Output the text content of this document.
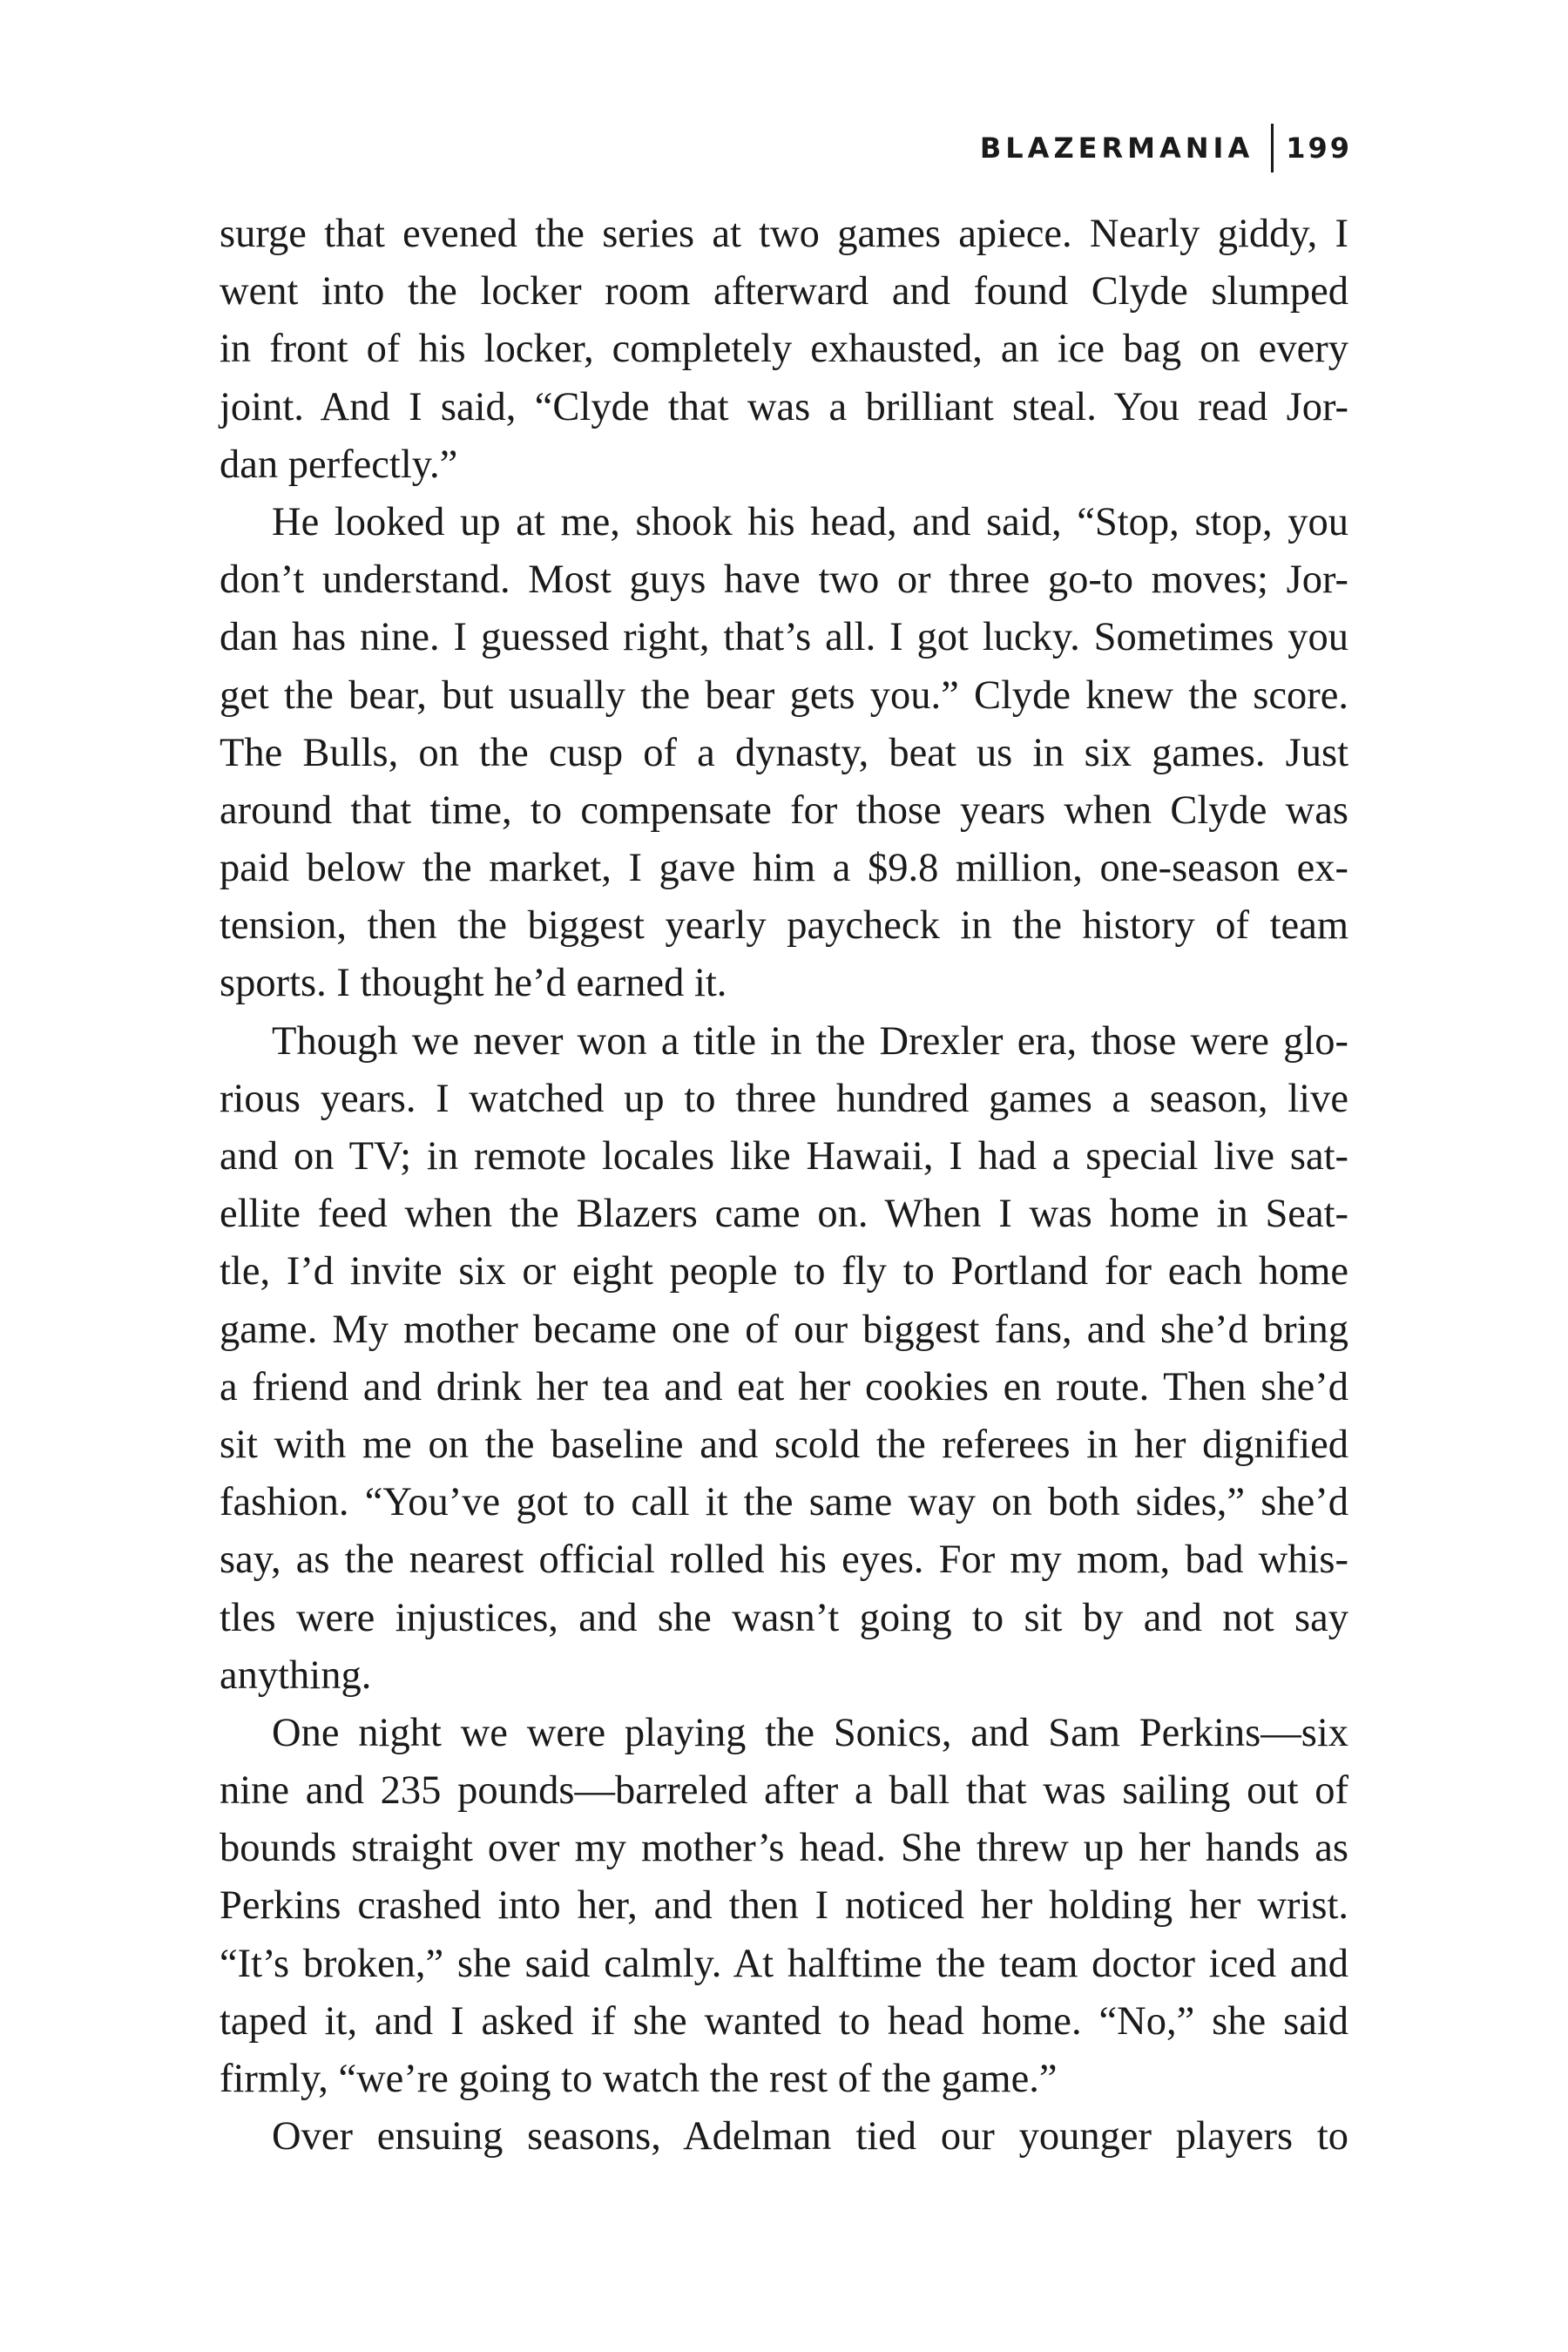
BLAZERMANIA 199
surge that evened the series at two games apiece. Nearly giddy, I
went into the locker room afterward and found Clyde slumped
in front of his locker, completely exhausted, an ice bag on every
joint. And I said, “Clyde that was a brilliant steal. You read Jor-
dan perfectly.”
He looked up at me, shook his head, and said, “Stop, stop, you
don’t understand. Most guys have two or three go-to moves; Jor-
dan has nine. I guessed right, that’s all. I got lucky. Sometimes you
get the bear, but usually the bear gets you.” Clyde knew the score.
The Bulls, on the cusp of a dynasty, beat us in six games. Just
around that time, to compensate for those years when Clyde was
paid below the market, I gave him a $9.8 million, one-season ex-
tension, then the biggest yearly paycheck in the history of team
sports. I thought he’d earned it.
Though we never won a title in the Drexler era, those were glo-
rious years. I watched up to three hundred games a season, live
and on TV; in remote locales like Hawaii, I had a special live sat-
ellite feed when the Blazers came on. When I was home in Seat-
tle, I’d invite six or eight people to fly to Portland for each home
game. My mother became one of our biggest fans, and she’d bring
a friend and drink her tea and eat her cookies en route. Then she’d
sit with me on the baseline and scold the referees in her dignified
fashion. “You’ve got to call it the same way on both sides,” she’d
say, as the nearest official rolled his eyes. For my mom, bad whis-
tles were injustices, and she wasn’t going to sit by and not say
anything.
One night we were playing the Sonics, and Sam Perkins—six
nine and 235 pounds—barreled after a ball that was sailing out of
bounds straight over my mother’s head. She threw up her hands as
Perkins crashed into her, and then I noticed her holding her wrist.
“It’s broken,” she said calmly. At halftime the team doctor iced and
taped it, and I asked if she wanted to head home. “No,” she said
firmly, “we’re going to watch the rest of the game.”
Over ensuing seasons, Adelman tied our younger players to
